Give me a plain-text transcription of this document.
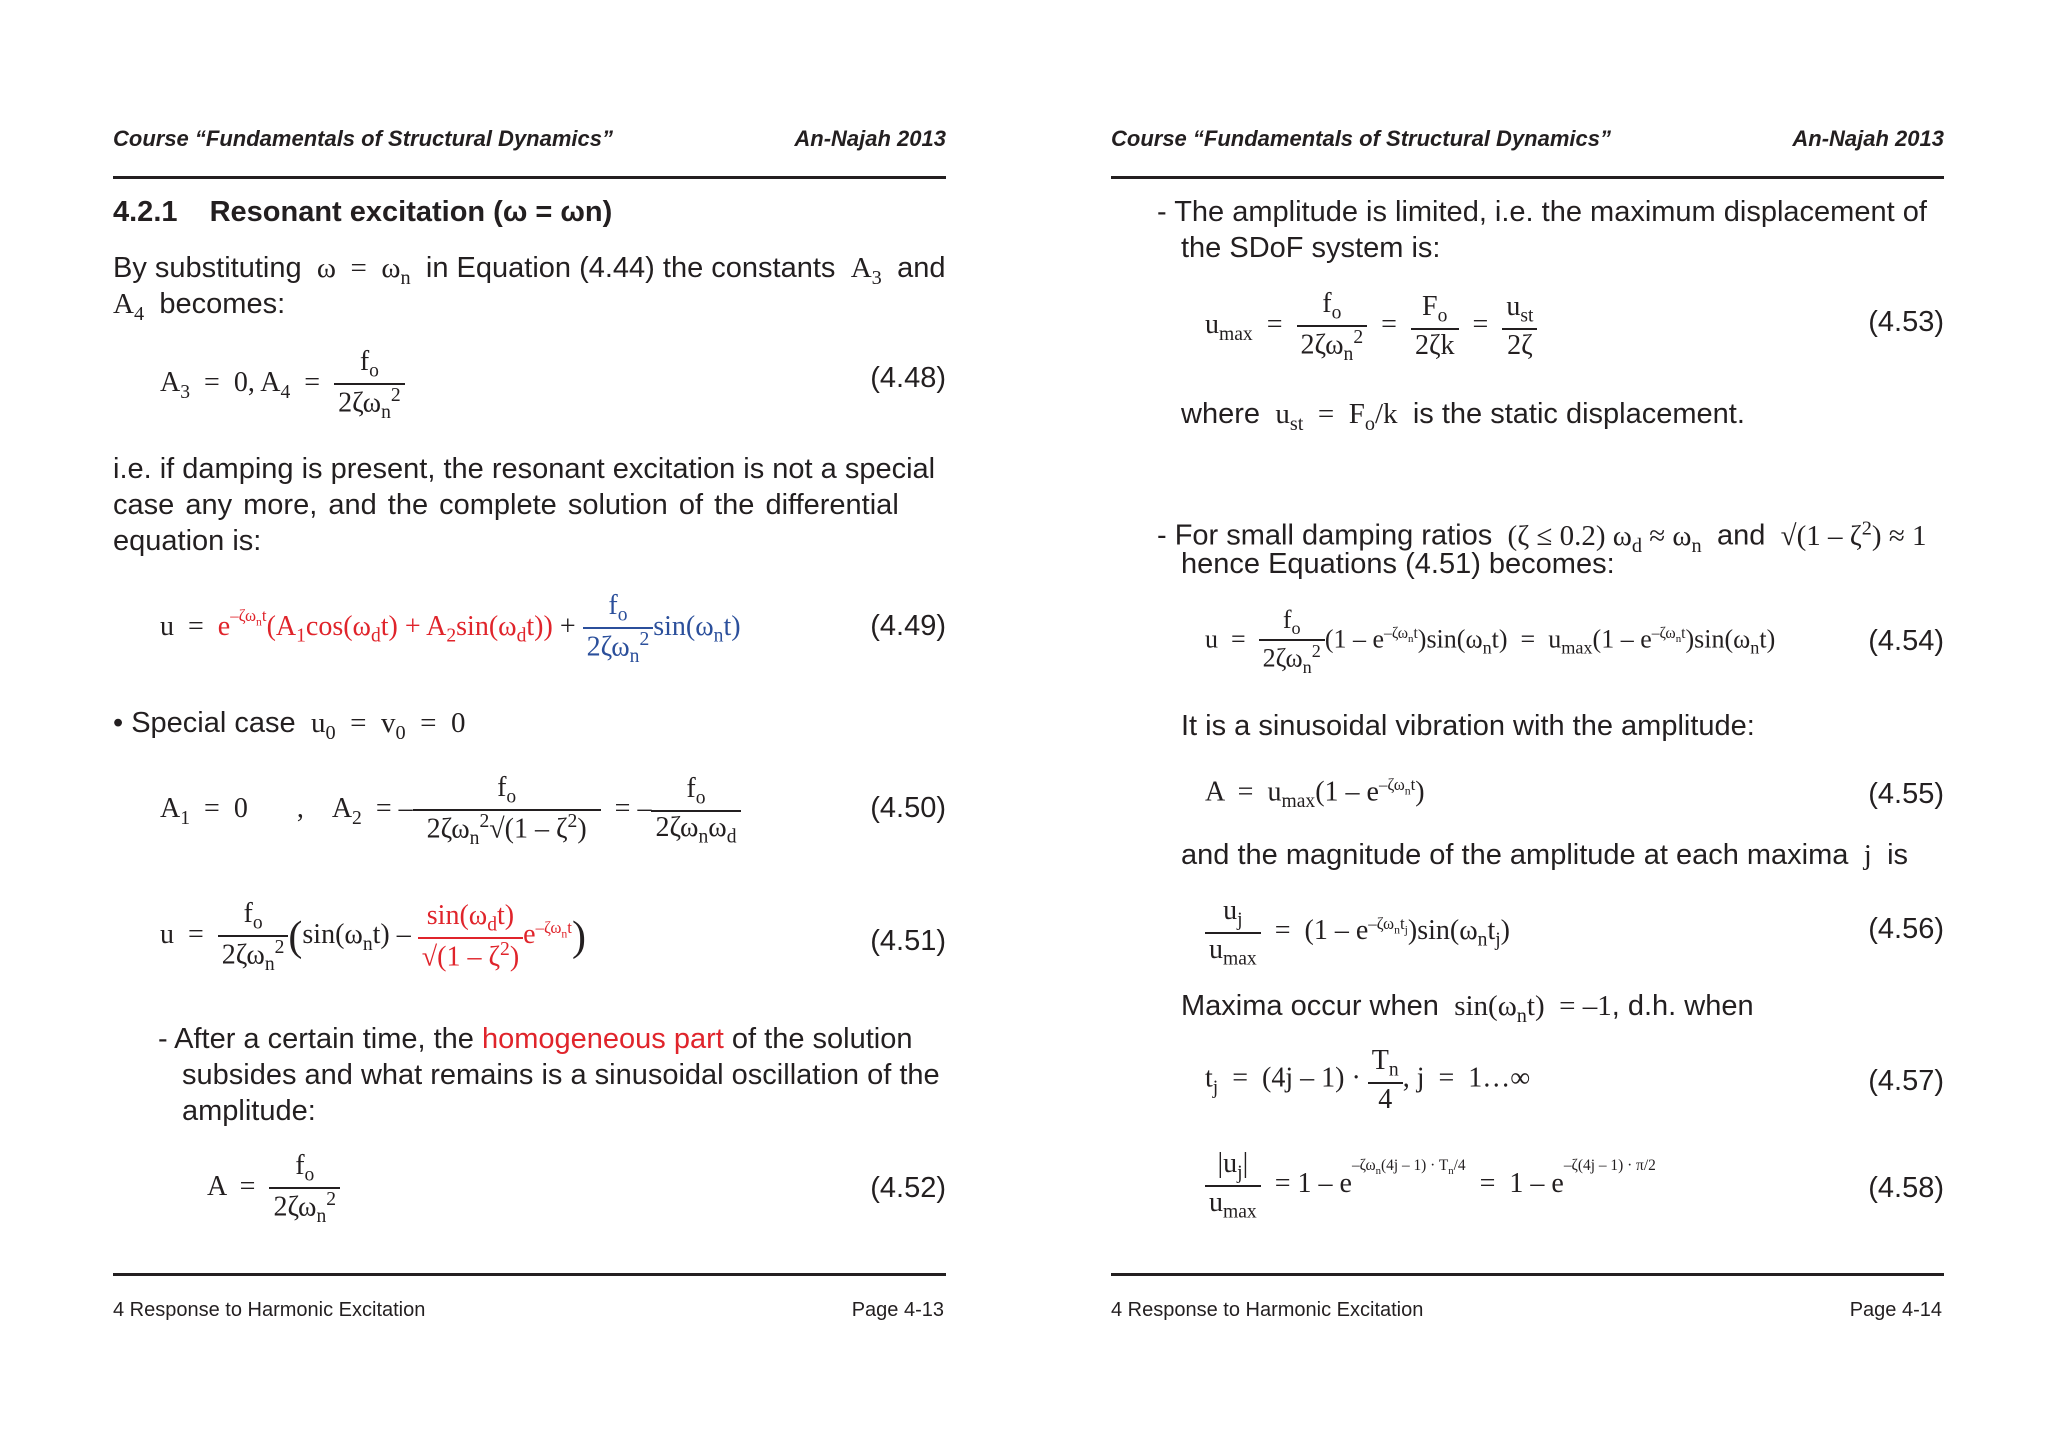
Course “Fundamentals of Structural Dynamics”	An-Najah 2013
4.2.1 Resonant excitation (ω = ωn)
By substituting  $\omega = \omega_n$ in Equation (4.44) the constants  $A_3$ and
$A_4$ becomes:
$A_3 = 0$, $A_4 = \frac{f_o}{2\zeta\omega_n^2}$	(4.48)
i.e. if damping is present, the resonant excitation is not a special
case any more, and the complete solution of the differential
equation is:
$u = e^{-\zeta\omega_nt}(A_1\cos(\omega_dt) + A_2\sin(\omega_dt)) + \frac{f_o}{2\zeta\omega_n^2} \sin(\omega_nt)$	(4.49)
• Special case  $u_0 = v_0 = 0$
$A_1 = 0$       ,    $A_2$  = – $\frac{f_o}{2\zeta\omega_n^2√(1 - \zeta^2)}$ = – $\frac{f_o}{2\zeta\omega_n\omega_d}$	(4.50)
$u = \frac{f_o}{2\zeta\omega_n^2} (\sin(\omega_nt) - \frac{\sin(\omega_dt)}{√(1 - \zeta^2)} e^{-\zeta\omega_nt})$	(4.51)
- After a certain time, the homogeneous part of the solution
subsides and what remains is a sinusoidal oscillation of the
amplitude:
$A = \frac{f_o}{2\zeta\omega_n^2}$	(4.52)
4 Response to Harmonic Excitation	Page 4-13
Course “Fundamentals of Structural Dynamics”	An-Najah 2013
- The amplitude is limited, i.e. the maximum displacement of
the SDoF system is:
$u_{max} = \frac{f_o}{2\zeta\omega_n^2} = \frac{F_o}{2\zeta k} = \frac{u_{st}}{2\zeta}$	(4.53)
where  $u_{st} = F_o/k$  is the static displacement.
- For small damping ratios  (ζ ≤ 0.2) $\omega_d \approx \omega_n$ and  $√(1 - \zeta^2) \approx 1$
hence Equations (4.51) becomes:
$u = \frac{f_o}{2\zeta\omega_n^2} (1 - e^{-\zeta\omega_nt})\sin(\omega_nt) = u_{max}(1 - e^{-\zeta\omega_nt})\sin(\omega_nt)$	(4.54)
It is a sinusoidal vibration with the amplitude:
$A = u_{max}(1 - e^{-\zeta\omega_nt})$	(4.55)
and the magnitude of the amplitude at each maxima  j  is
$\frac{u_j}{u_{max}} = (1 - e^{-\zeta\omega_nt_j})\sin(\omega_nt_j)$	(4.56)
Maxima occur when  $\sin(\omega_nt) = -1$, d.h. when
$t_j = (4j - 1) \cdot \frac{T_n}{4}$ , j  =  1…∞	(4.57)
$\frac{|u_j|}{u_{max}} = 1 - e^{-\zeta\omega_n(4j - 1) \cdot T_n/4} = 1 - e^{-\zeta(4j - 1) \cdot \pi/2}$
(4.58)
4 Response to Harmonic Excitation	Page 4-14
